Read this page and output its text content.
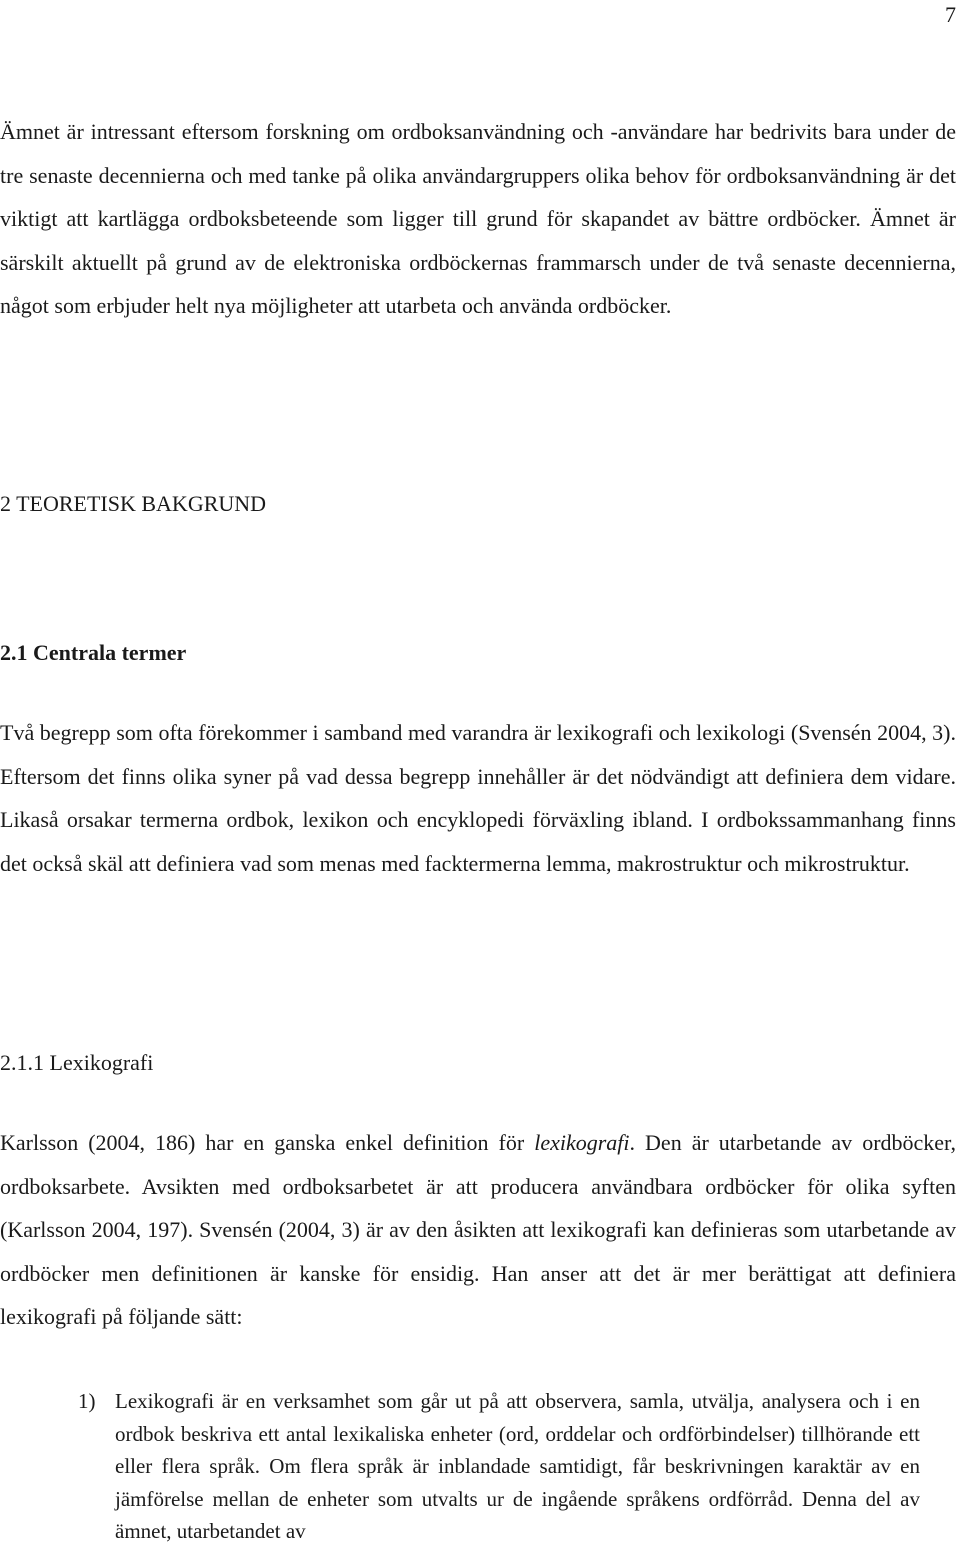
7

Ämnet är intressant eftersom forskning om ordboksanvändning och -användare har bedrivits bara under de tre senaste decennierna och med tanke på olika användargruppers olika behov för ordboksanvändning är det viktigt att kartlägga ordboksbeteende som ligger till grund för skapandet av bättre ordböcker. Ämnet är särskilt aktuellt på grund av de elektroniska ordböckernas frammarsch under de två senaste decennierna, något som erbjuder helt nya möjligheter att utarbeta och använda ordböcker.

2 TEORETISK BAKGRUND
2.1 Centrala termer

Två begrepp som ofta förekommer i samband med varandra är lexikografi och lexikologi (Svensén 2004, 3). Eftersom det finns olika syner på vad dessa begrepp innehåller är det nödvändigt att definiera dem vidare. Likaså orsakar termerna ordbok, lexikon och encyklopedi förväxling ibland. I ordbokssammanhang finns det också skäl att definiera vad som menas med facktermerna lemma, makrostruktur och mikrostruktur.

2.1.1 Lexikografi

Karlsson (2004, 186) har en ganska enkel definition för lexikografi. Den är utarbetande av ordböcker, ordboksarbete. Avsikten med ordboksarbetet är att producera användbara ordböcker för olika syften (Karlsson 2004, 197). Svensén (2004, 3) är av den åsikten att lexikografi kan definieras som utarbetande av ordböcker men definitionen är kanske för ensidig. Han anser att det är mer berättigat att definiera lexikografi på följande sätt:

1) Lexikografi är en verksamhet som går ut på att observera, samla, utvälja, analysera och i en ordbok beskriva ett antal lexikaliska enheter (ord, orddelar och ordförbindelser) tillhörande ett eller flera språk. Om flera språk är inblandade samtidigt, får beskrivningen karaktär av en jämförelse mellan de enheter som utvalts ur de ingående språkens ordförråd. Denna del av ämnet, utarbetandet av
